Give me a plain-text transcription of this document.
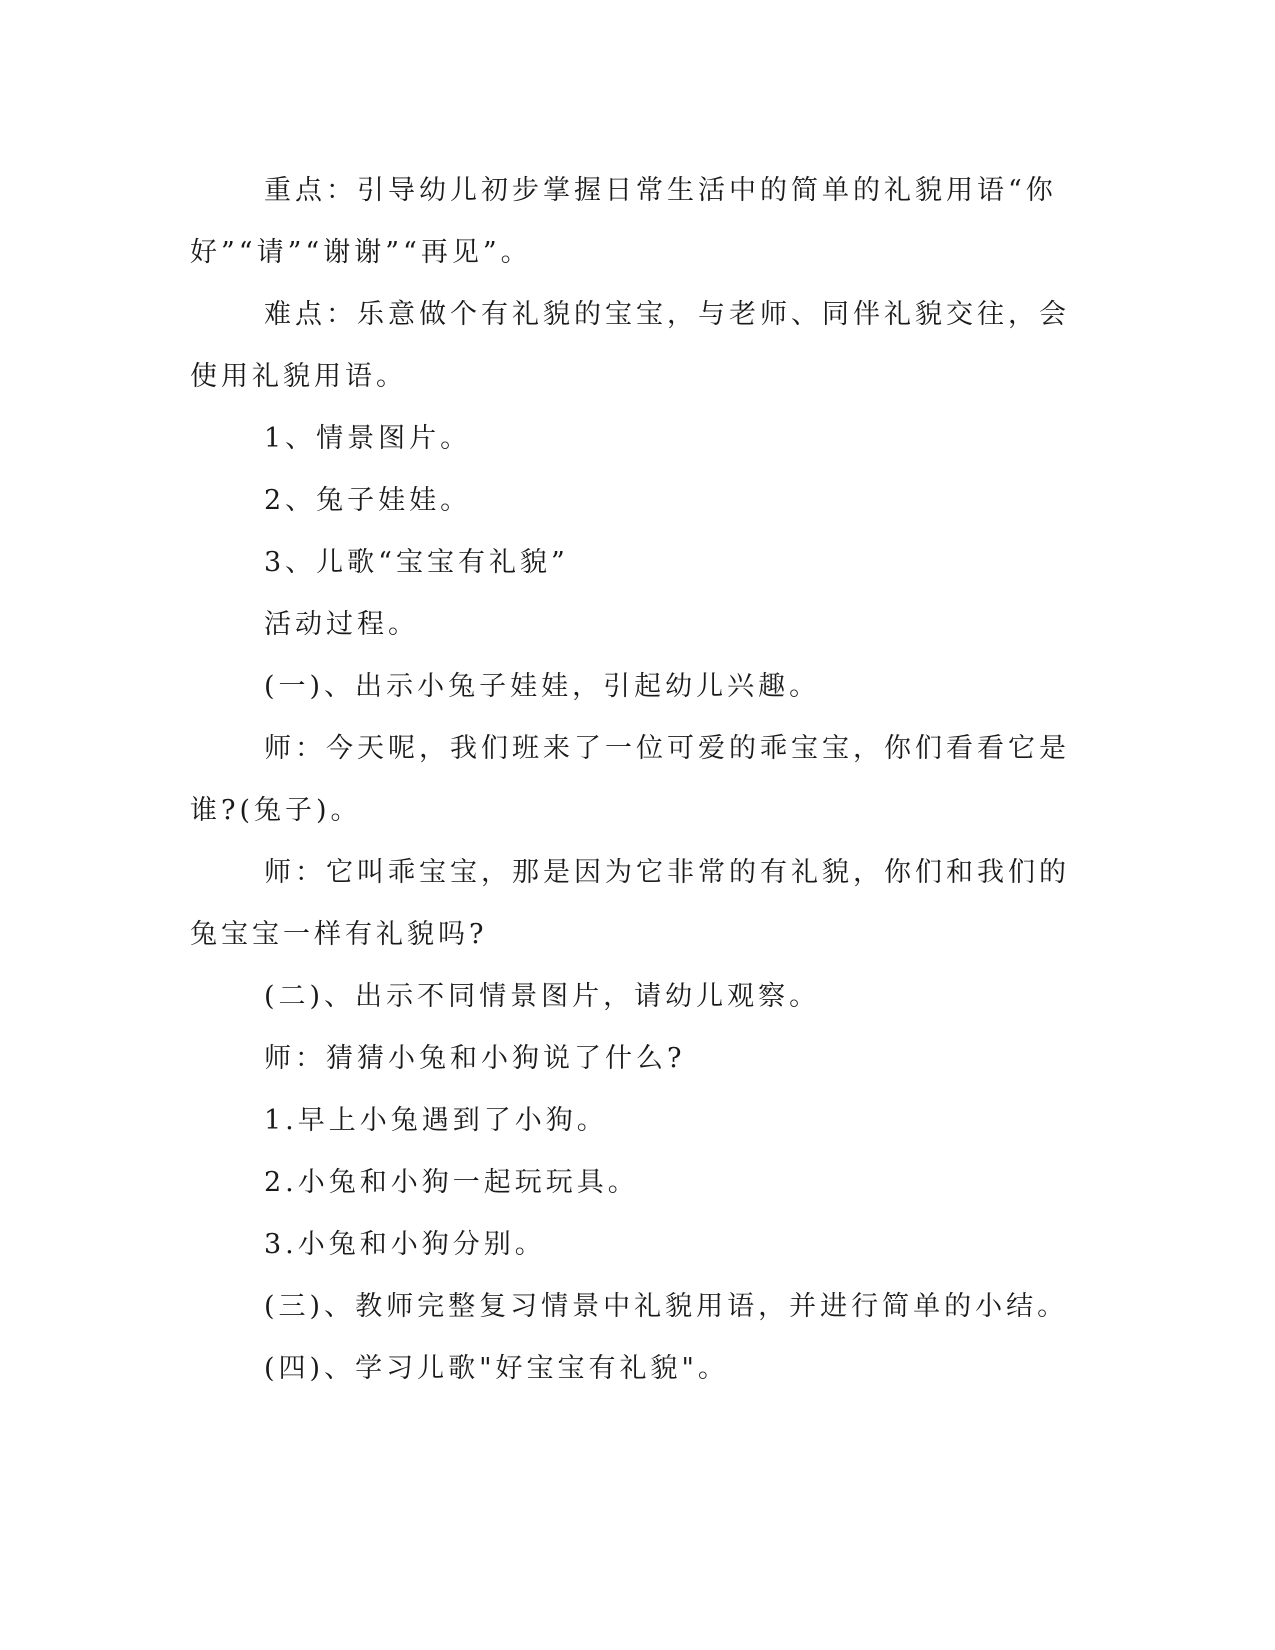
重点：引导幼儿初步掌握日常生活中的简单的礼貌用语“你好”“请”“谢谢”“再见”。

难点：乐意做个有礼貌的宝宝，与老师、同伴礼貌交往，会使用礼貌用语。

1、情景图片。

2、兔子娃娃。

3、儿歌“宝宝有礼貌”

活动过程。

(一)、出示小兔子娃娃，引起幼儿兴趣。

师：今天呢，我们班来了一位可爱的乖宝宝，你们看看它是谁?(兔子)。

师：它叫乖宝宝，那是因为它非常的有礼貌，你们和我们的兔宝宝一样有礼貌吗?

(二)、出示不同情景图片，请幼儿观察。

师：猜猜小兔和小狗说了什么?

1.早上小兔遇到了小狗。

2.小兔和小狗一起玩玩具。

3.小兔和小狗分别。

(三)、教师完整复习情景中礼貌用语，并进行简单的小结。

(四)、学习儿歌"好宝宝有礼貌"。
